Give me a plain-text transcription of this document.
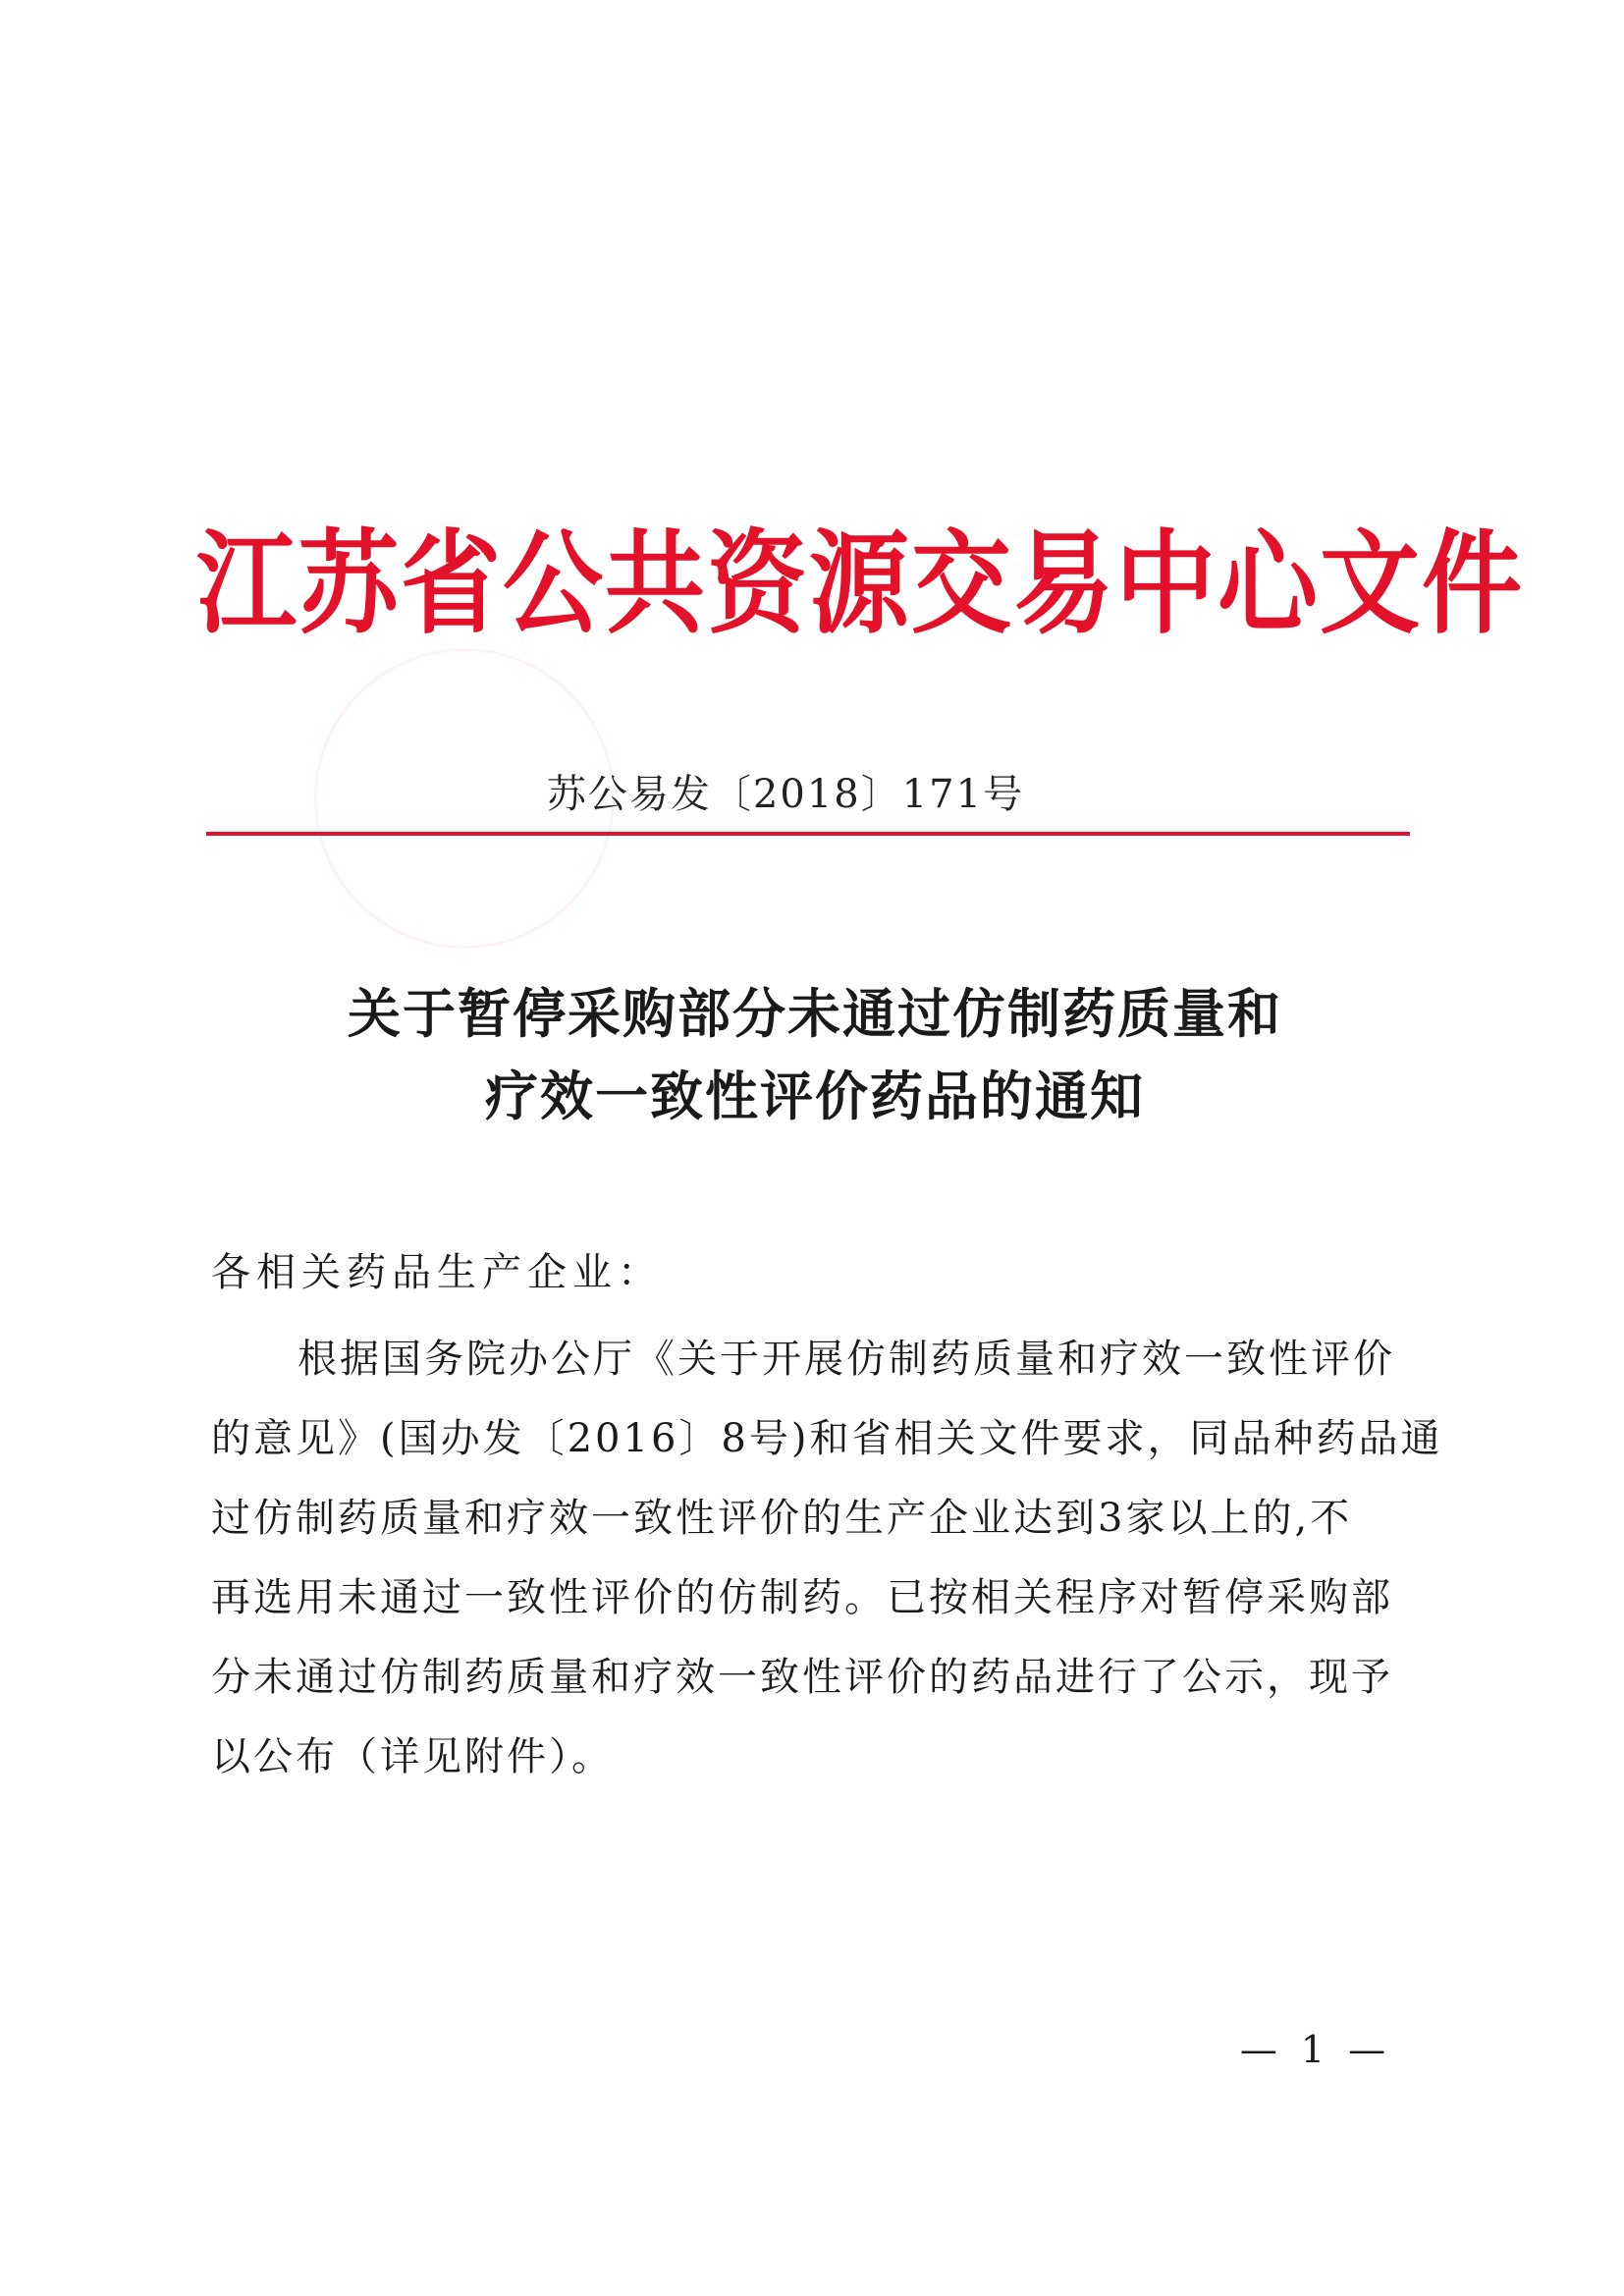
江苏省公共资源交易中心文件
苏公易发〔2018〕171号
关于暂停采购部分未通过仿制药质量和
疗效一致性评价药品的通知
各相关药品生产企业：
根据国务院办公厅《关于开展仿制药质量和疗效一致性评价
的意见》(国办发〔2016〕8号)和省相关文件要求，同品种药品通
过仿制药质量和疗效一致性评价的生产企业达到3家以上的,不
再选用未通过一致性评价的仿制药。已按相关程序对暂停采购部
分未通过仿制药质量和疗效一致性评价的药品进行了公示，现予
以公布（详见附件）。
— 1 —
